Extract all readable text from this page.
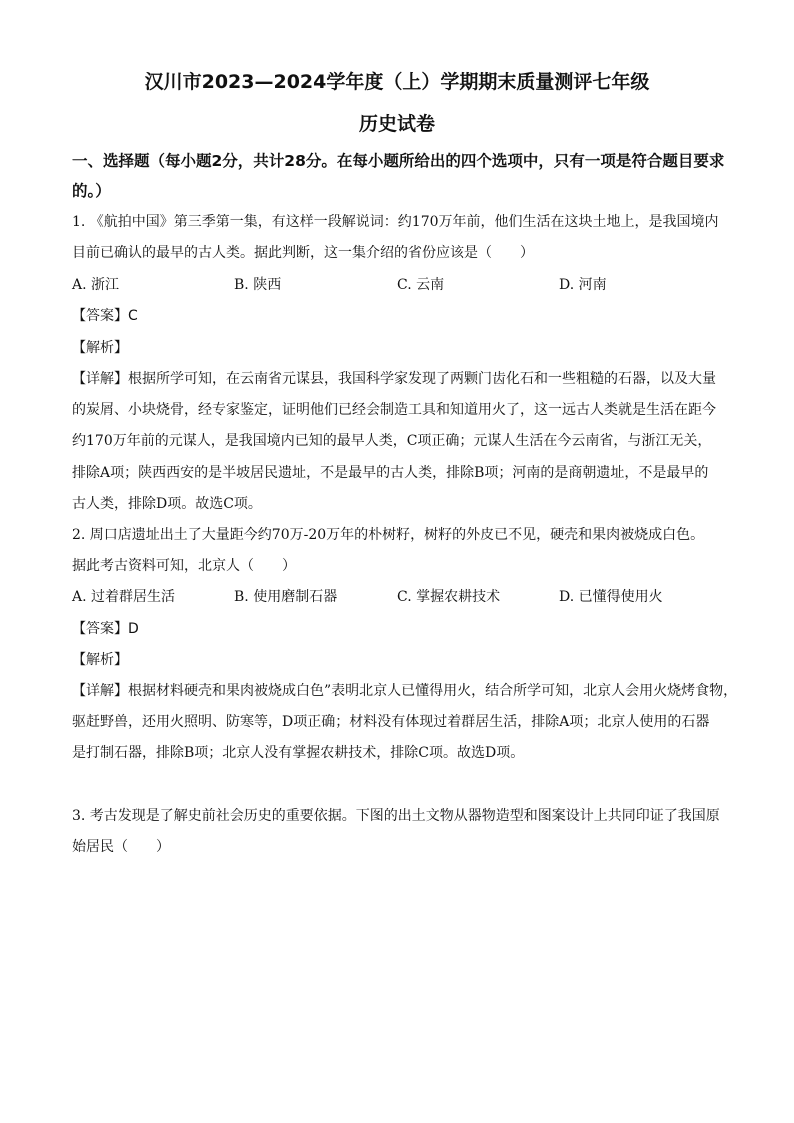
汉川市2023—2024学年度（上）学期期末质量测评七年级
历史试卷
一、选择题（每小题2分，共计28分。在每小题所给出的四个选项中，只有一项是符合题目要求的。）
1. 《航拍中国》第三季第一集，有这样一段解说词：约170万年前，他们生活在这块土地上，是我国境内
目前已确认的最早的古人类。据此判断，这一集介绍的省份应该是（　　）
A. 浙江	B. 陕西	C. 云南	D. 河南
【答案】C
【解析】
【详解】根据所学可知，在云南省元谋县，我国科学家发现了两颗门齿化石和一些粗糙的石器，以及大量
的炭屑、小块烧骨，经专家鉴定，证明他们已经会制造工具和知道用火了，这一远古人类就是生活在距今
约170万年前的元谋人，是我国境内已知的最早人类，C项正确；元谋人生活在今云南省，与浙江无关，
排除A项；陕西西安的是半坡居民遗址，不是最早的古人类，排除B项；河南的是商朝遗址，不是最早的
古人类，排除D项。故选C项。
2. 周口店遗址出土了大量距今约70万-20万年的朴树籽，树籽的外皮已不见，硬壳和果肉被烧成白色。
据此考古资料可知，北京人（　　）
A. 过着群居生活	B. 使用磨制石器	C. 掌握农耕技术	D. 已懂得使用火
【答案】D
【解析】
【详解】根据材料硬壳和果肉被烧成白色”表明北京人已懂得用火，结合所学可知，北京人会用火烧烤食物，
驱赶野兽，还用火照明、防寒等，D项正确；材料没有体现过着群居生活，排除A项；北京人使用的石器
是打制石器，排除B项；北京人没有掌握农耕技术，排除C项。故选D项。
3. 考古发现是了解史前社会历史的重要依据。下图的出土文物从器物造型和图案设计上共同印证了我国原
始居民（　　）
